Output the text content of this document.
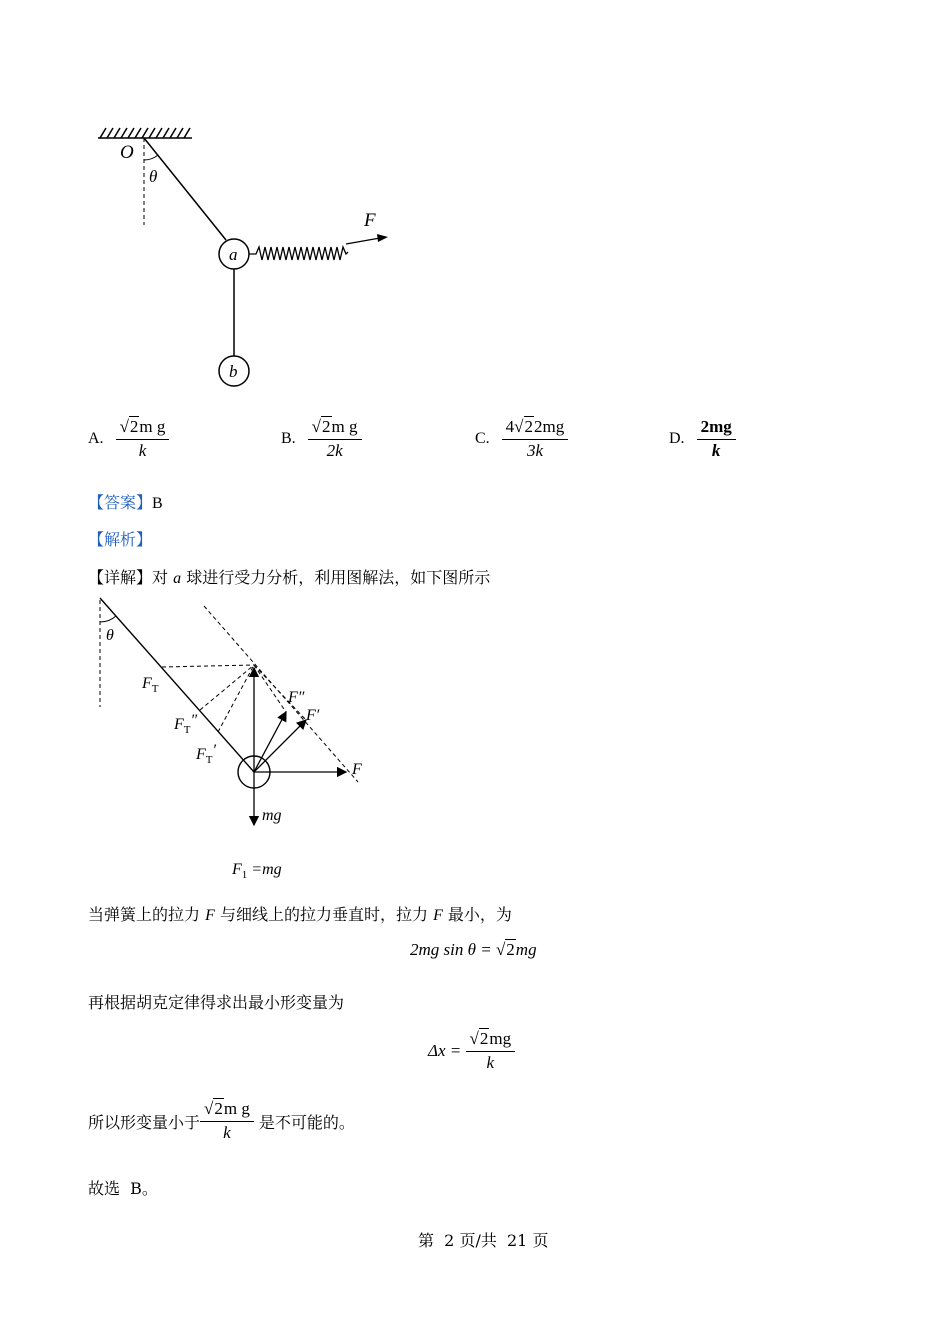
O
θ
a
F
b
A. $\frac{\text{√2m g}}{k}$	B. $\frac{\text{√2m g}}{2k}$	C. $\frac{4√22mg}{3k}$	D. $\frac{2mg}{k}$
【答案】B
【解析】
【详解】对 a 球进行受力分析，利用图解法，如下图所示
θ
$F_T$
$F_T''$
$F_T'$
F″
F′
F
mg
$F_1 =mg$
当弹簧上的拉力 F 与细线上的拉力垂直时，拉力 F 最小，为
2mg sin θ = √2mg
再根据胡克定律得求出最小形变量为
$\Delta x = \frac{√2mg}{k}$
所以形变量小于 $\frac{\text{√2m g}}{k}$ 是不可能的。
故选  B。
第  2 页/共  21 页
